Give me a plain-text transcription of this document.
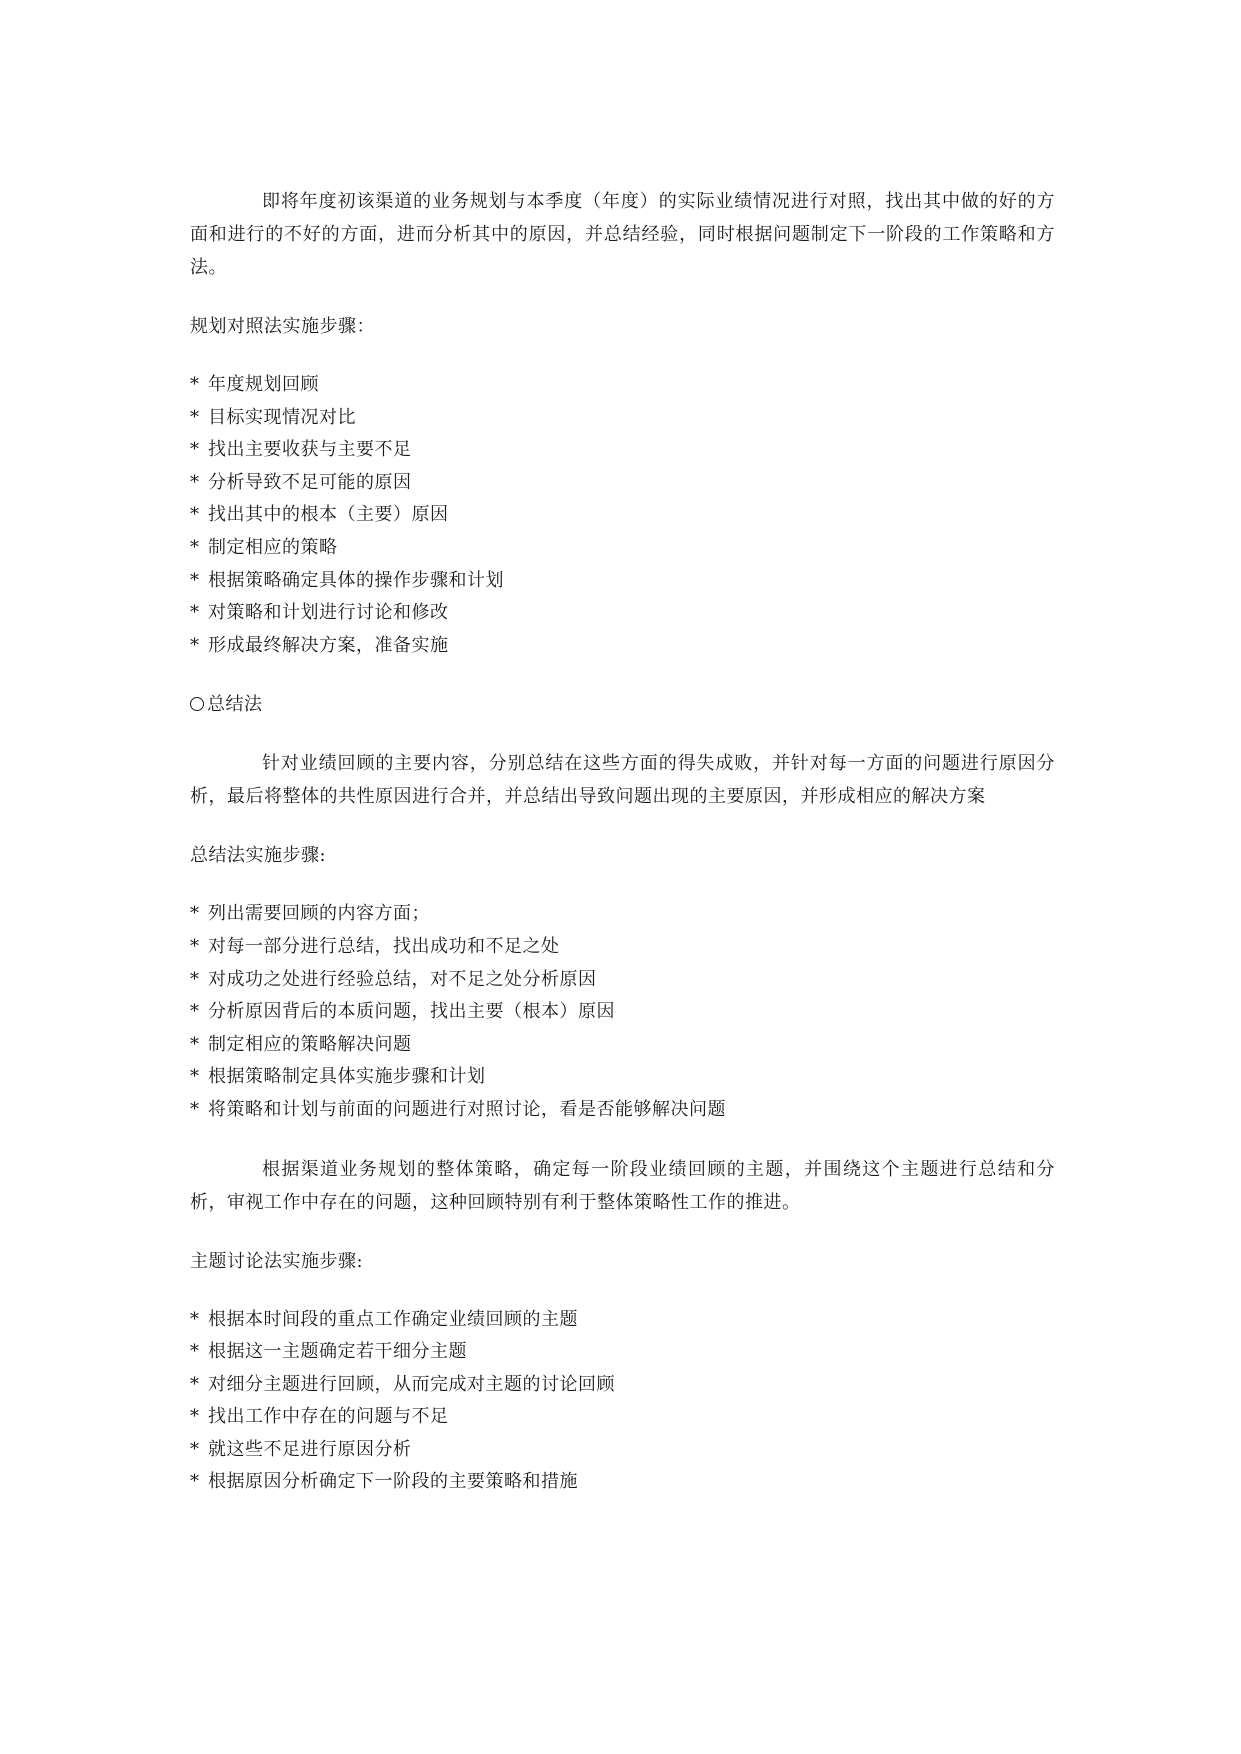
即将年度初该渠道的业务规划与本季度（年度）的实际业绩情况进行对照，找出其中做的好的方面和进行的不好的方面，进而分析其中的原因，并总结经验，同时根据问题制定下一阶段的工作策略和方法。

规划对照法实施步骤：

* 年度规划回顾
* 目标实现情况对比
* 找出主要收获与主要不足
* 分析导致不足可能的原因
* 找出其中的根本（主要）原因
* 制定相应的策略
* 根据策略确定具体的操作步骤和计划
* 对策略和计划进行讨论和修改
* 形成最终解决方案，准备实施

总结法

针对业绩回顾的主要内容，分别总结在这些方面的得失成败，并针对每一方面的问题进行原因分析，最后将整体的共性原因进行合并，并总结出导致问题出现的主要原因，并形成相应的解决方案

总结法实施步骤:

* 列出需要回顾的内容方面；
* 对每一部分进行总结，找出成功和不足之处
* 对成功之处进行经验总结，对不足之处分析原因
* 分析原因背后的本质问题，找出主要（根本）原因
* 制定相应的策略解决问题
* 根据策略制定具体实施步骤和计划
* 将策略和计划与前面的问题进行对照讨论，看是否能够解决问题

根据渠道业务规划的整体策略，确定每一阶段业绩回顾的主题，并围绕这个主题进行总结和分析，审视工作中存在的问题，这种回顾特别有利于整体策略性工作的推进。

主题讨论法实施步骤:

* 根据本时间段的重点工作确定业绩回顾的主题
* 根据这一主题确定若干细分主题
* 对细分主题进行回顾，从而完成对主题的讨论回顾
* 找出工作中存在的问题与不足
* 就这些不足进行原因分析
* 根据原因分析确定下一阶段的主要策略和措施
